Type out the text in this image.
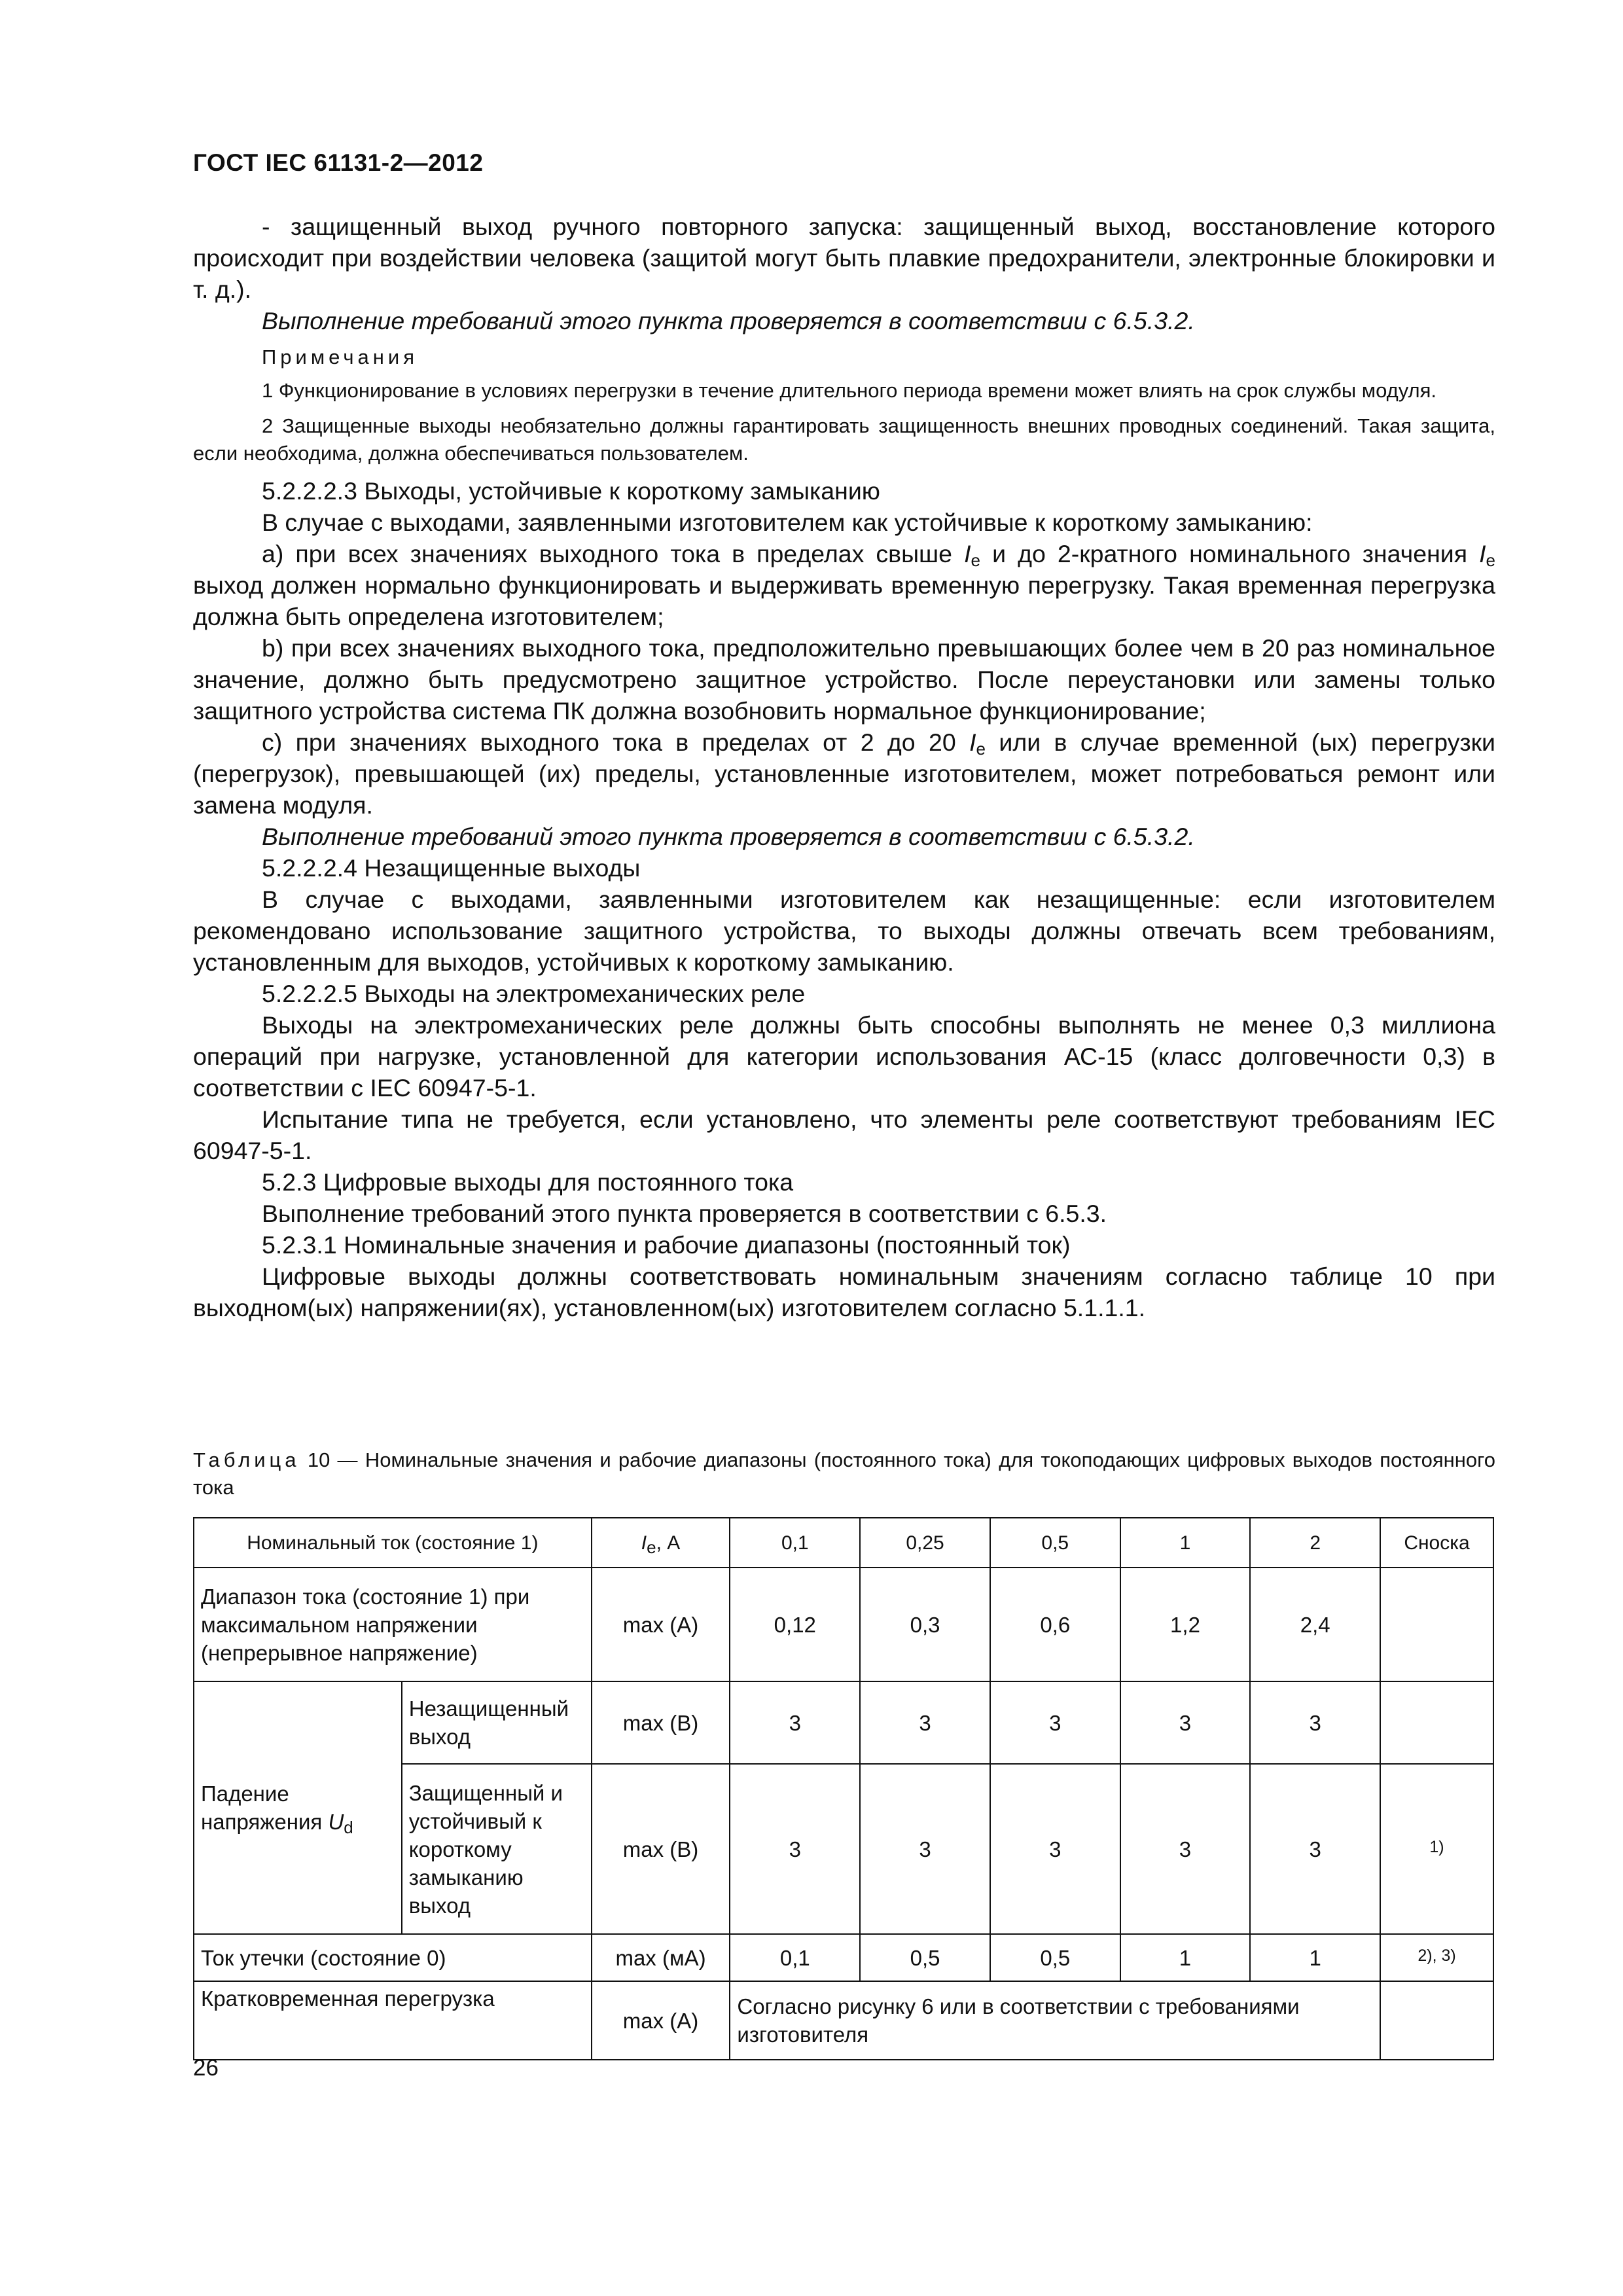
ГОСТ IEC 61131-2—2012

- защищенный выход ручного повторного запуска: защищенный выход, восстановление которого происходит при воздействии человека (защитой могут быть плавкие предохранители, электронные блокировки и т. д.).

Выполнение требований этого пункта проверяется в соответствии с 6.5.3.2.

Примечания

1 Функционирование в условиях перегрузки в течение длительного периода времени может влиять на срок службы модуля.

2 Защищенные выходы необязательно должны гарантировать защищенность внешних проводных соединений. Такая защита, если необходима, должна обеспечиваться пользователем.

5.2.2.2.3 Выходы, устойчивые к короткому замыканию

В случае с выходами, заявленными изготовителем как устойчивые к короткому замыканию:

а) при всех значениях выходного тока в пределах свыше $I_e$ и до 2-кратного номинального значения $I_e$ выход должен нормально функционировать и выдерживать временную перегрузку. Такая временная перегрузка должна быть определена изготовителем;

b) при всех значениях выходного тока, предположительно превышающих более чем в 20 раз номинальное значение, должно быть предусмотрено защитное устройство. После переустановки или замены только защитного устройства система ПК должна возобновить нормальное функционирование;

с) при значениях выходного тока в пределах от 2 до 20 $I_e$ или в случае временной (ых) перегрузки (перегрузок), превышающей (их) пределы, установленные изготовителем, может потребоваться ремонт или замена модуля.

Выполнение требований этого пункта проверяется в соответствии с 6.5.3.2.

5.2.2.2.4 Незащищенные выходы

В случае с выходами, заявленными изготовителем как незащищенные: если изготовителем рекомендовано использование защитного устройства, то выходы должны отвечать всем требованиям, установленным для выходов, устойчивых к короткому замыканию.

5.2.2.2.5 Выходы на электромеханических реле

Выходы на электромеханических реле должны быть способны выполнять не менее 0,3 миллиона операций при нагрузке, установленной для категории использования АС-15 (класс долговечности 0,3) в соответствии с IEC 60947-5-1.

Испытание типа не требуется, если установлено, что элементы реле соответствуют требованиям IEC 60947-5-1.

5.2.3 Цифровые выходы для постоянного тока

Выполнение требований этого пункта проверяется в соответствии с 6.5.3.

5.2.3.1 Номинальные значения и рабочие диапазоны (постоянный ток)

Цифровые выходы должны соответствовать номинальным значениям согласно таблице 10 при выходном(ых) напряжении(ях), установленном(ых) изготовителем согласно 5.1.1.1.

Таблица 10 — Номинальные значения и рабочие диапазоны (постоянного тока) для токоподающих цифровых выходов постоянного тока
Номинальный ток (состояние 1)		$I_e$, А	0,1	0,25	0,5	1	2	Сноска
Диапазон тока (состояние 1) при максимальном напряжении (непрерывное напряжение)		max (А)	0,12	0,3	0,6	1,2	2,4	
Падение напряжения $U_d$	Незащищенный выход	max (В)	3	3	3	3	3	
	Защищенный и устойчивый к короткому замыканию выход	max (В)	3	3	3	3	3	$^{1)}$
Ток утечки (состояние 0)		max (мА)	0,1	0,5	0,5	1	1	$^{2), 3)}$
Кратковременная перегрузка		max (А)	Согласно рисунку 6 или в соответствии с требованиями изготовителя					
26
